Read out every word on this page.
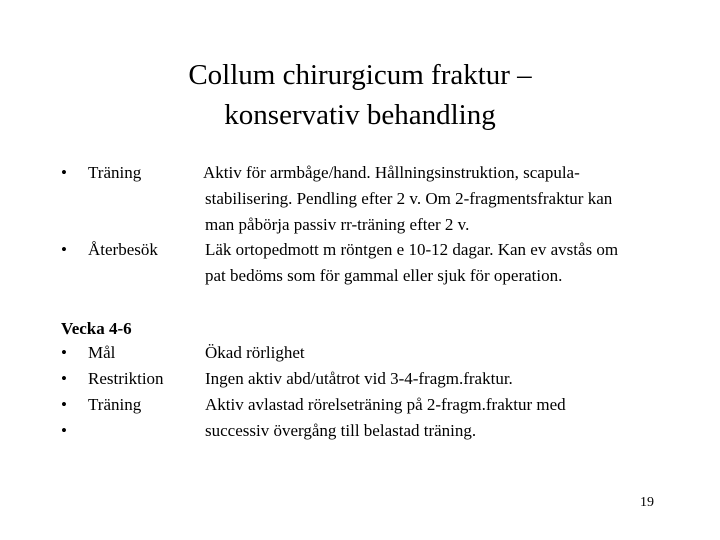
Collum chirurgicum fraktur –
konservativ behandling
• Träning	Aktiv för armbåge/hand. Hållningsinstruktion, scapula-
stabilisering. Pendling efter 2 v. Om 2-fragmentsfraktur kan
man påbörja passiv rr-träning efter 2 v.
• Återbesök	Läk ortopedmott m röntgen e 10-12 dagar. Kan ev avstås om
pat bedöms som för gammal eller sjuk för operation.
Vecka 4-6
• Mål	Ökad rörlighet
• Restriktion Ingen aktiv abd/utåtrot vid 3-4-fragm.fraktur.
• Träning	Aktiv avlastad rörelseträning på 2-fragm.fraktur med
•	successiv övergång till belastad träning.
19
